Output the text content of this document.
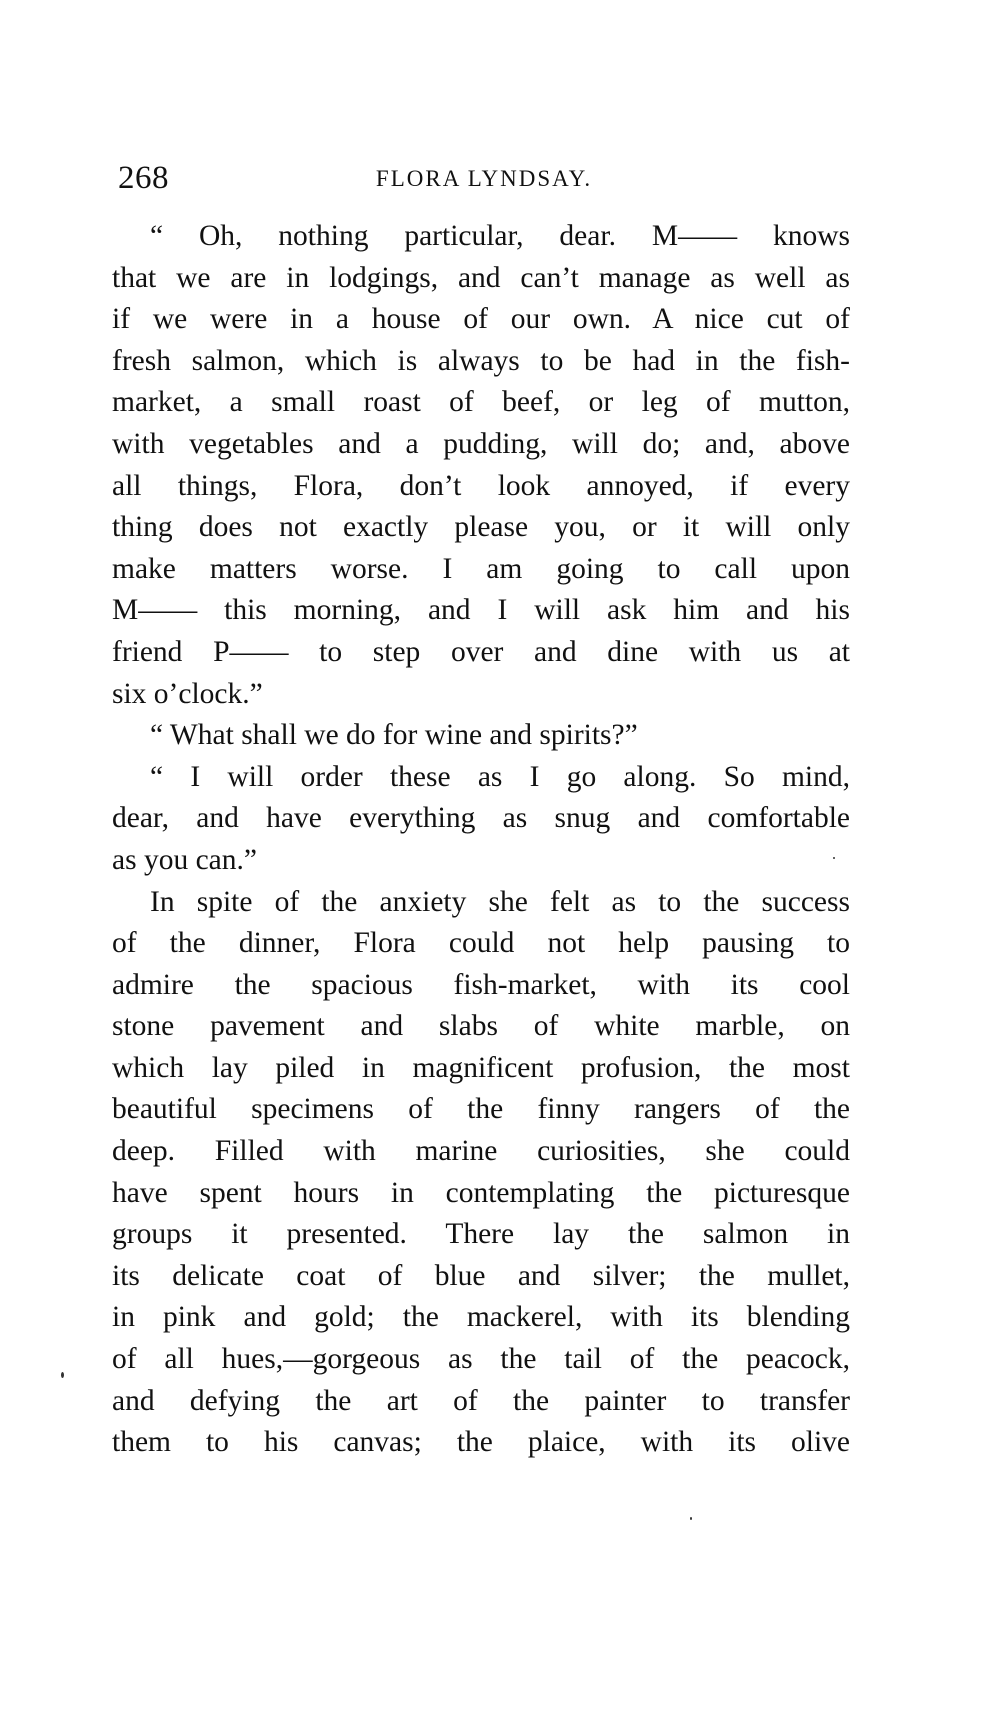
268	FLORA LYNDSAY.
“ Oh, nothing particular, dear. M—— knows
that we are in lodgings, and can’t manage as well as
if we were in a house of our own. A nice cut of
fresh salmon, which is always to be had in the fish-
market, a small roast of beef, or leg of mutton,
with vegetables and a pudding, will do; and, above
all things, Flora, don’t look annoyed, if every
thing does not exactly please you, or it will only
make matters worse. I am going to call upon
M—— this morning, and I will ask him and his
friend P—— to step over and dine with us at
six o’clock.”
“ What shall we do for wine and spirits?”
“ I will order these as I go along. So mind,
dear, and have everything as snug and comfortable
as you can.”
In spite of the anxiety she felt as to the success
of the dinner, Flora could not help pausing to
admire the spacious fish-market, with its cool
stone pavement and slabs of white marble, on
which lay piled in magnificent profusion, the most
beautiful specimens of the finny rangers of the
deep. Filled with marine curiosities, she could
have spent hours in contemplating the picturesque
groups it presented. There lay the salmon in
its delicate coat of blue and silver; the mullet,
in pink and gold; the mackerel, with its blending
of all hues,—gorgeous as the tail of the peacock,
and defying the art of the painter to transfer
them to his canvas; the plaice, with its olive
